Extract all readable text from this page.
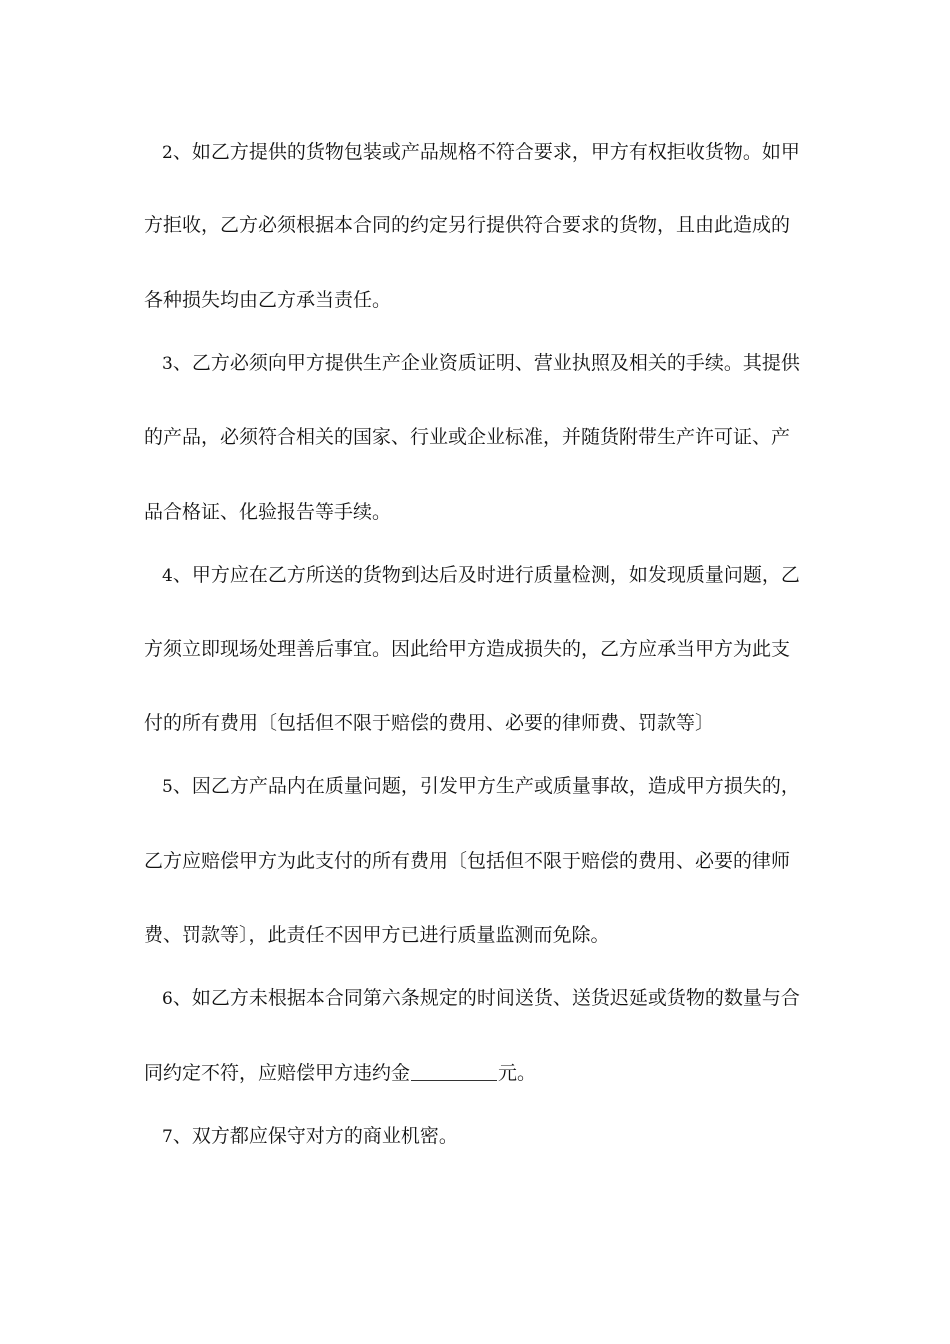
2、如乙方提供的货物包装或产品规格不符合要求，甲方有权拒收货物。如甲
方拒收，乙方必须根据本合同的约定另行提供符合要求的货物，且由此造成的
各种损失均由乙方承当责任。
3、乙方必须向甲方提供生产企业资质证明、营业执照及相关的手续。其提供
的产品，必须符合相关的国家、行业或企业标准，并随货附带生产许可证、产
品合格证、化验报告等手续。
4、甲方应在乙方所送的货物到达后及时进行质量检测，如发现质量问题，乙
方须立即现场处理善后事宜。因此给甲方造成损失的，乙方应承当甲方为此支
付的所有费用〔包括但不限于赔偿的费用、必要的律师费、罚款等〕
5、因乙方产品内在质量问题，引发甲方生产或质量事故，造成甲方损失的，
乙方应赔偿甲方为此支付的所有费用〔包括但不限于赔偿的费用、必要的律师
费、罚款等〕，此责任不因甲方已进行质量监测而免除。
6、如乙方未根据本合同第六条规定的时间送货、送货迟延或货物的数量与合
同约定不符，应赔偿甲方违约金	元。
7、双方都应保守对方的商业机密。
